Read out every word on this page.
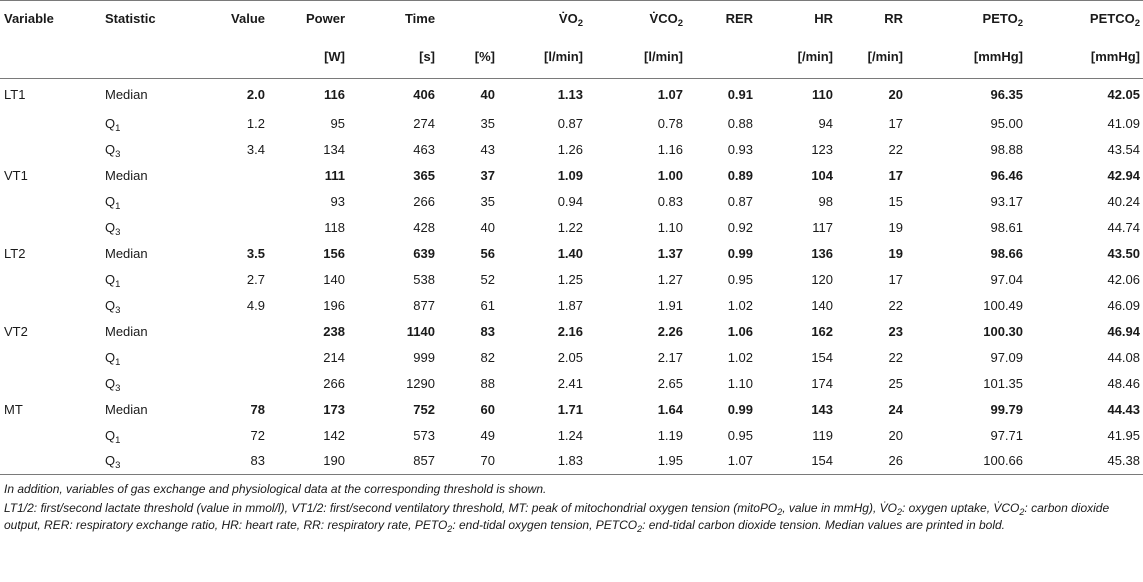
Variable	Statistic	Value	Power	Time		$V̇O_2$	$V̇CO_2$	RER	HR	RR	$PETO_2$	$PETCO_2$
			[W]	[s]	[%]	[l/min]	[l/min]		[/min]	[/min]	[mmHg]	[mmHg]
LT1	Median	2.0	116	406	40	1.13	1.07	0.91	110	20	96.35	42.05
	$Q_1$	1.2	95	274	35	0.87	0.78	0.88	94	17	95.00	41.09
	$Q_3$	3.4	134	463	43	1.26	1.16	0.93	123	22	98.88	43.54
VT1	Median		111	365	37	1.09	1.00	0.89	104	17	96.46	42.94
	$Q_1$		93	266	35	0.94	0.83	0.87	98	15	93.17	40.24
	$Q_3$		118	428	40	1.22	1.10	0.92	117	19	98.61	44.74
LT2	Median	3.5	156	639	56	1.40	1.37	0.99	136	19	98.66	43.50
	$Q_1$	2.7	140	538	52	1.25	1.27	0.95	120	17	97.04	42.06
	$Q_3$	4.9	196	877	61	1.87	1.91	1.02	140	22	100.49	46.09
VT2	Median		238	1140	83	2.16	2.26	1.06	162	23	100.30	46.94
	$Q_1$		214	999	82	2.05	2.17	1.02	154	22	97.09	44.08
	$Q_3$		266	1290	88	2.41	2.65	1.10	174	25	101.35	48.46
MT	Median	78	173	752	60	1.71	1.64	0.99	143	24	99.79	44.43
	$Q_1$	72	142	573	49	1.24	1.19	0.95	119	20	97.71	41.95
	$Q_3$	83	190	857	70	1.83	1.95	1.07	154	26	100.66	45.38

In addition, variables of gas exchange and physiological data at the corresponding threshold is shown.

LT1/2: first/second lactate threshold (value in mmol/l), VT1/2: first/second ventilatory threshold, MT: peak of mitochondrial oxygen tension (mitoPO$_2$, value in mmHg), $V̇O_2$: oxygen uptake, $V̇CO_2$: carbon dioxide output, RER: respiratory exchange ratio, HR: heart rate, RR: respiratory rate, $PETO_2$: end-tidal oxygen tension, $PETCO_2$: end-tidal carbon dioxide tension. Median values are printed in bold.
